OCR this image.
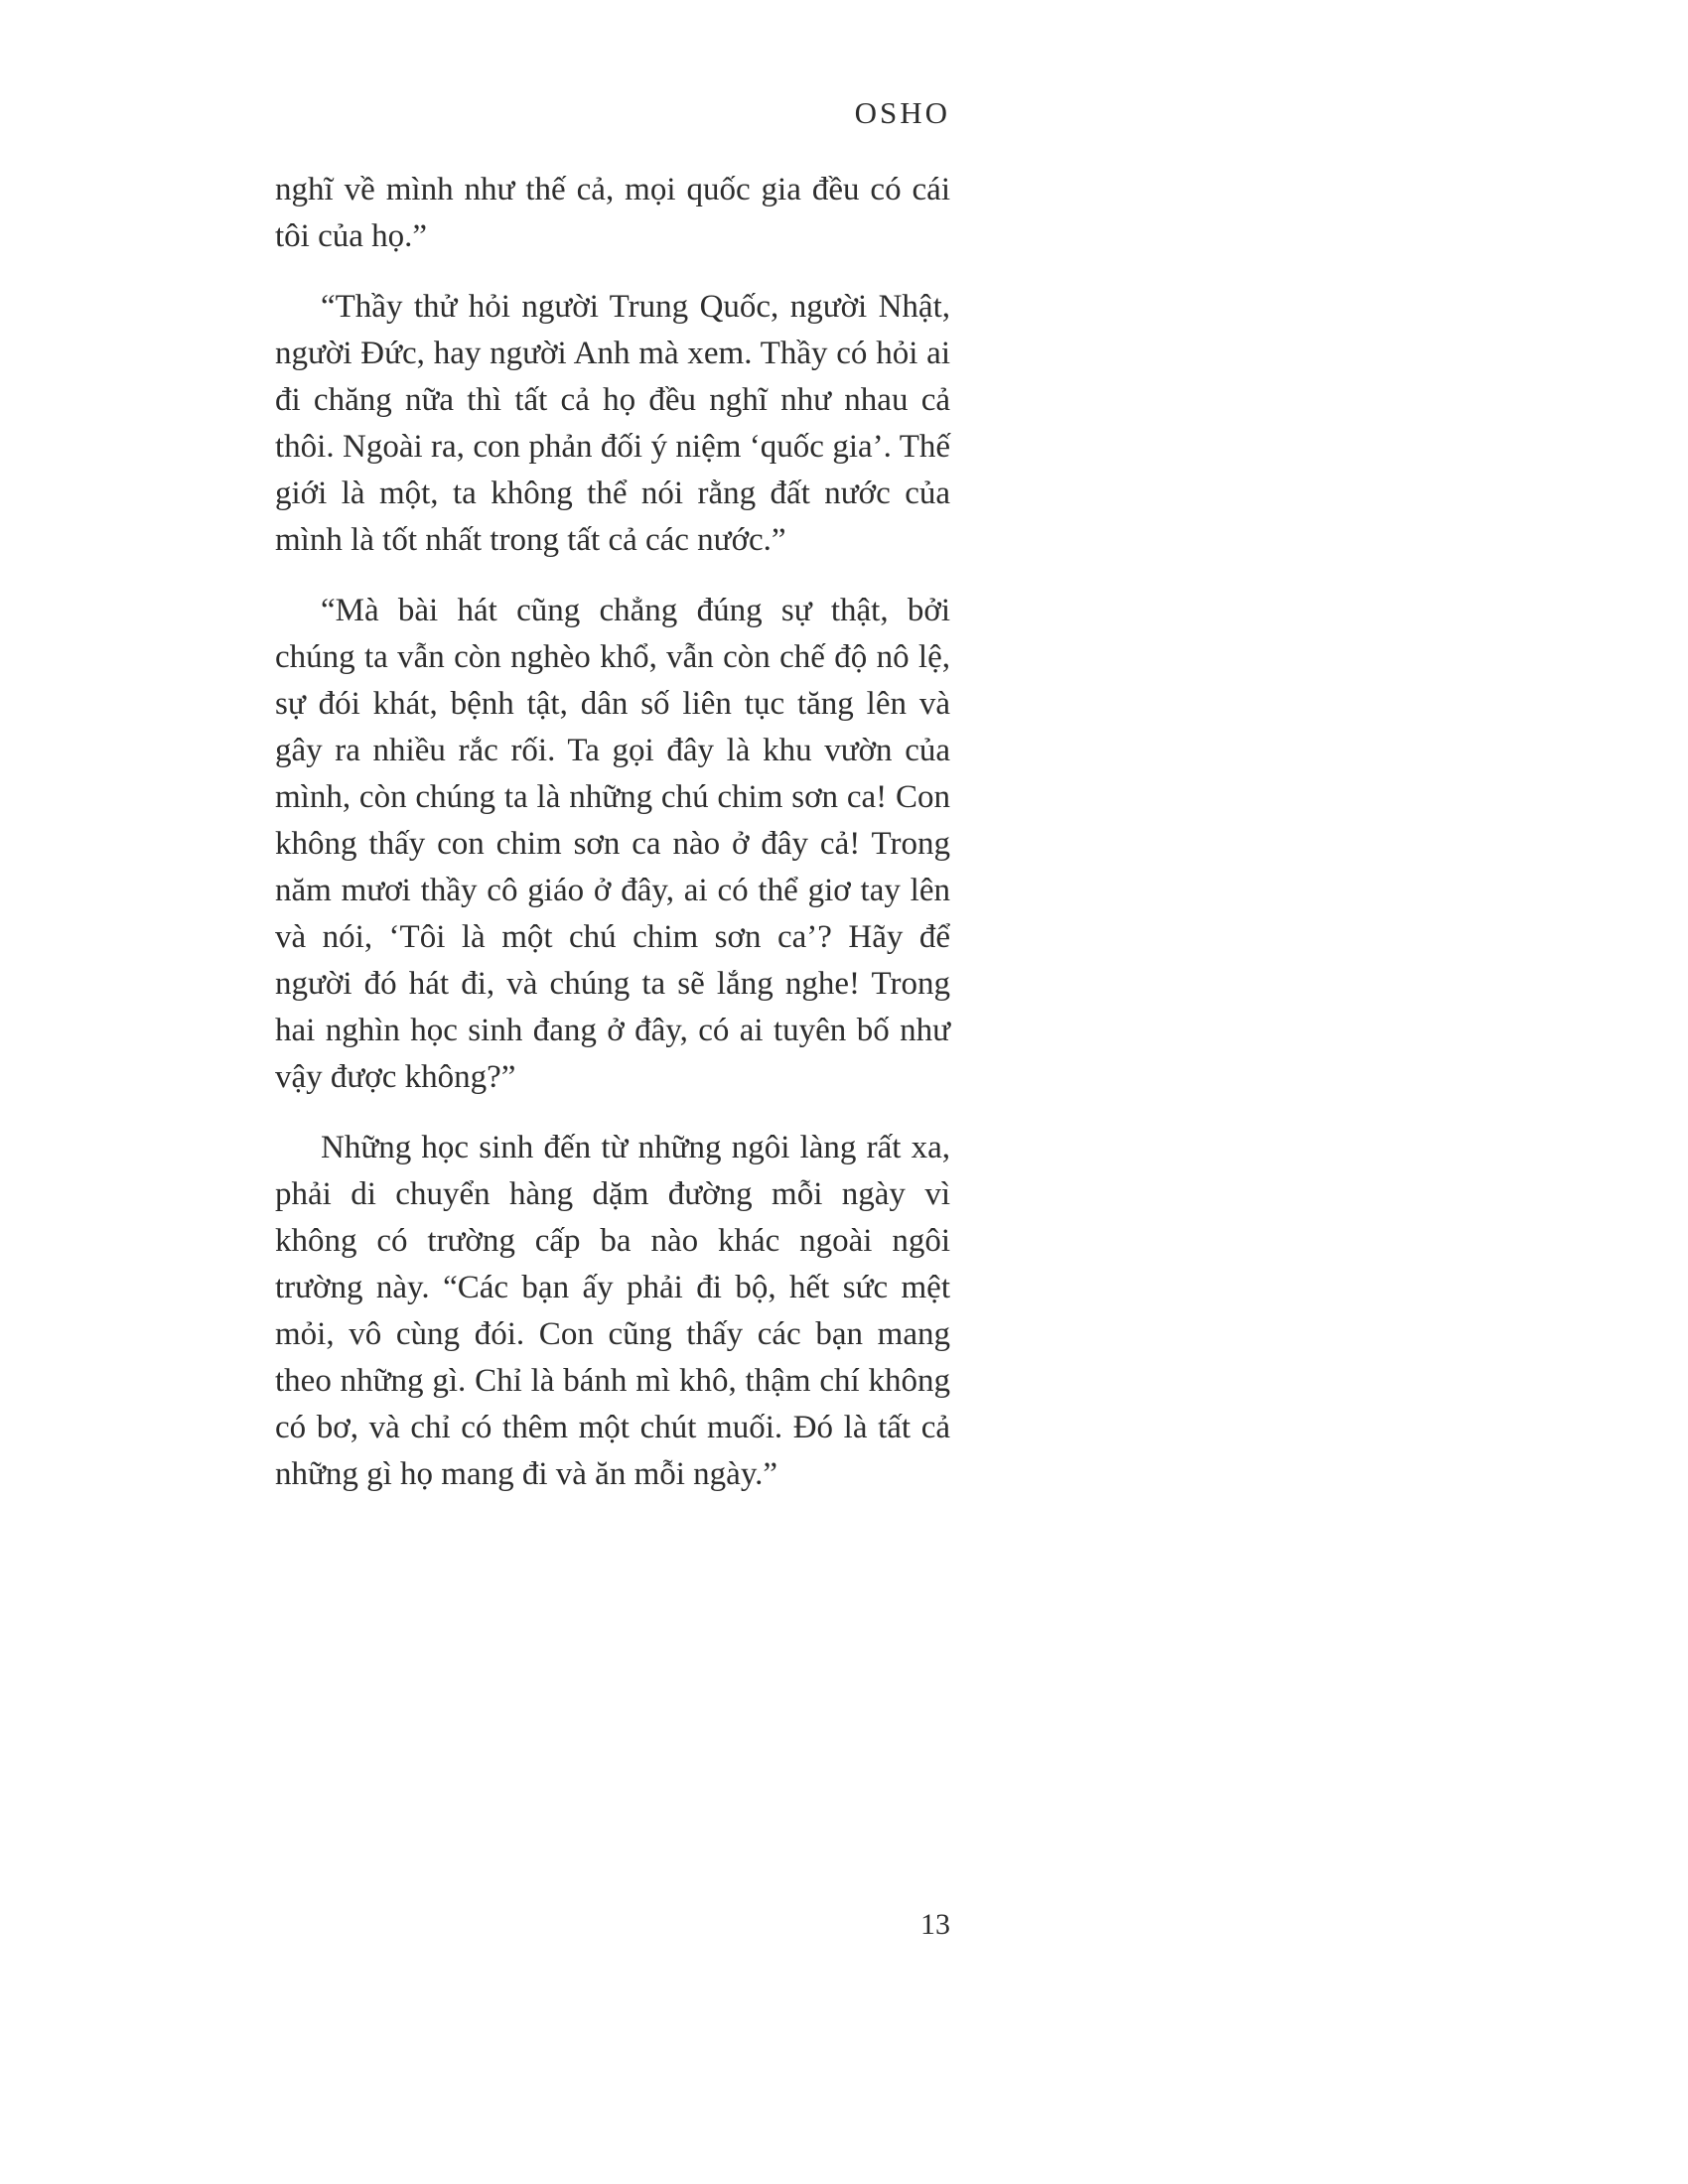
OSHO

nghĩ về mình như thế cả, mọi quốc gia đều có cái tôi của họ.”

“Thầy thử hỏi người Trung Quốc, người Nhật, người Đức, hay người Anh mà xem. Thầy có hỏi ai đi chăng nữa thì tất cả họ đều nghĩ như nhau cả thôi. Ngoài ra, con phản đối ý niệm ‘quốc gia’. Thế giới là một, ta không thể nói rằng đất nước của mình là tốt nhất trong tất cả các nước.”

“Mà bài hát cũng chẳng đúng sự thật, bởi chúng ta vẫn còn nghèo khổ, vẫn còn chế độ nô lệ, sự đói khát, bệnh tật, dân số liên tục tăng lên và gây ra nhiều rắc rối. Ta gọi đây là khu vườn của mình, còn chúng ta là những chú chim sơn ca! Con không thấy con chim sơn ca nào ở đây cả! Trong năm mươi thầy cô giáo ở đây, ai có thể giơ tay lên và nói, ‘Tôi là một chú chim sơn ca’? Hãy để người đó hát đi, và chúng ta sẽ lắng nghe! Trong hai nghìn học sinh đang ở đây, có ai tuyên bố như vậy được không?”

Những học sinh đến từ những ngôi làng rất xa, phải di chuyển hàng dặm đường mỗi ngày vì không có trường cấp ba nào khác ngoài ngôi trường này. “Các bạn ấy phải đi bộ, hết sức mệt mỏi, vô cùng đói. Con cũng thấy các bạn mang theo những gì. Chỉ là bánh mì khô, thậm chí không có bơ, và chỉ có thêm một chút muối. Đó là tất cả những gì họ mang đi và ăn mỗi ngày.”

13
